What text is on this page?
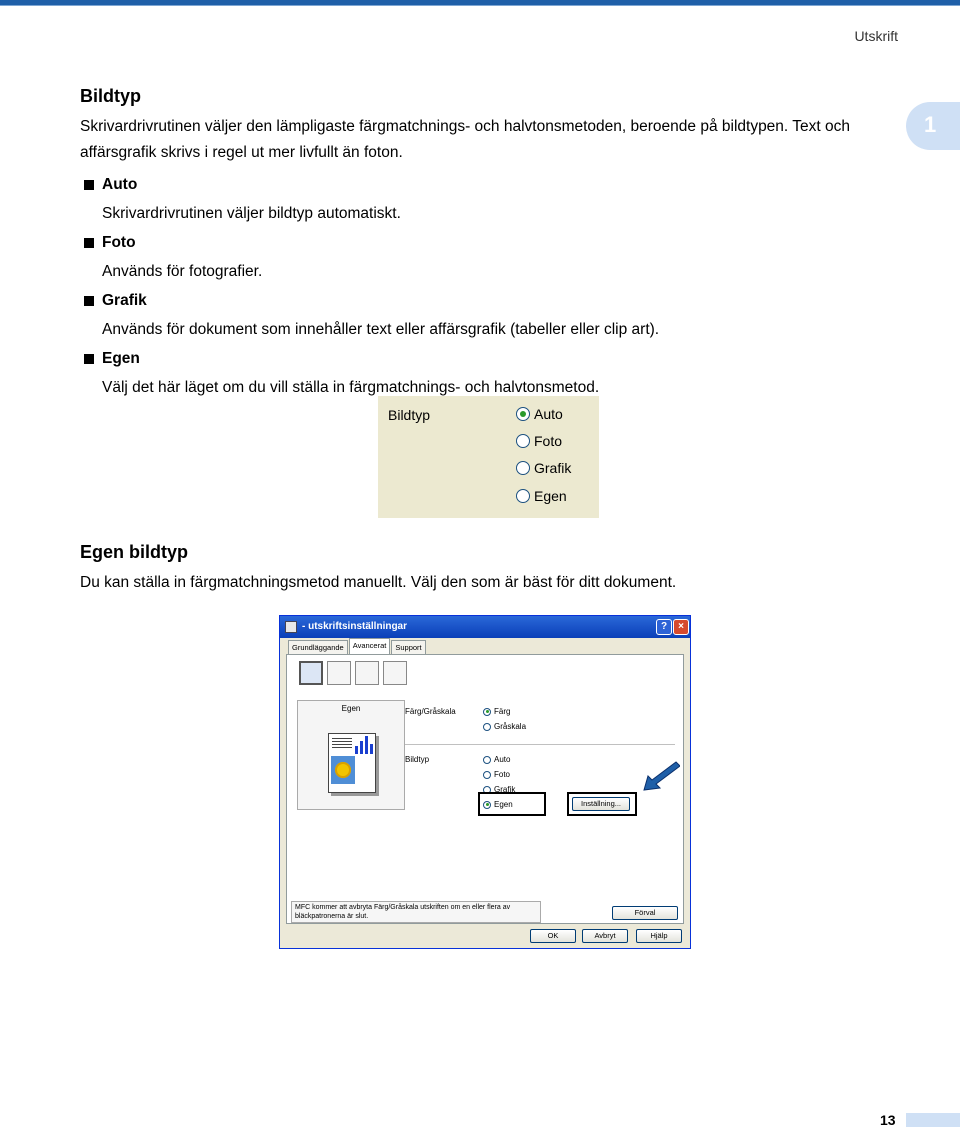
Utskrift
1
Bildtyp

Skrivardrivrutinen väljer den lämpligaste färgmatchnings- och halvtonsmetoden, beroende på bildtypen. Text och affärsgrafik skrivs i regel ut mer livfullt än foton.

Auto
Skrivardrivrutinen väljer bildtyp automatiskt.
Foto
Används för fotografier.
Grafik
Används för dokument som innehåller text eller affärsgrafik (tabeller eller clip art).
Egen
Välj det här läget om du vill ställa in färgmatchnings- och halvtonsmetod.
Bildtyp	Auto
Foto
Grafik
Egen
Egen bildtyp

Du kan ställa in färgmatchningsmetod manuellt. Välj den som är bäst för ditt dokument.

- utskriftsinställningar	?	×
Grundläggande	Avancerat	Support
Egen	Färg/Gråskala	Färg
Gråskala
Bildtyp	Auto
Foto
Grafik
Egen	Inställning...
MFC kommer att avbryta Färg/Gråskala utskriften om en eller flera av bläckpatronerna är slut.	Förval
OK	Avbryt	Hjälp
13
